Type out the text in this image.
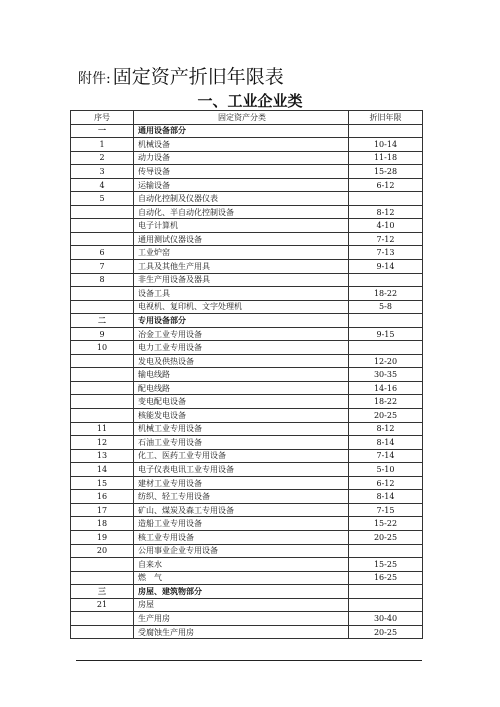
附件: 固定资产折旧年限表
一、工业企业类
序号	固定资产分类	折旧年限
一	通用设备部分	
1	机械设备	10-14
2	动力设备	11-18
3	传导设备	15-28
4	运输设备	6-12
5	自动化控制及仪器仪表	
	自动化、半自动化控制设备	8-12
	电子计算机	4-10
	通用测试仪器设备	7-12
6	工业炉窑	7-13
7	工具及其他生产用具	9-14
8	非生产用设备及器具	
	设备工具	18-22
	电视机、复印机、文字处理机	5-8
二	专用设备部分	
9	冶金工业专用设备	9-15
10	电力工业专用设备	
	发电及供热设备	12-20
	输电线路	30-35
	配电线路	14-16
	变电配电设备	18-22
	核能发电设备	20-25
11	机械工业专用设备	8-12
12	石油工业专用设备	8-14
13	化工、医药工业专用设备	7-14
14	电子仪表电讯工业专用设备	5-10
15	建材工业专用设备	6-12
16	纺织、轻工专用设备	8-14
17	矿山、煤炭及森工专用设备	7-15
18	造船工业专用设备	15-22
19	核工业专用设备	20-25
20	公用事业企业专用设备	
	自来水	15-25
	燃　气	16-25
三	房屋、建筑物部分	
21	房屋	
	生产用房	30-40
	受腐蚀生产用房	20-25
